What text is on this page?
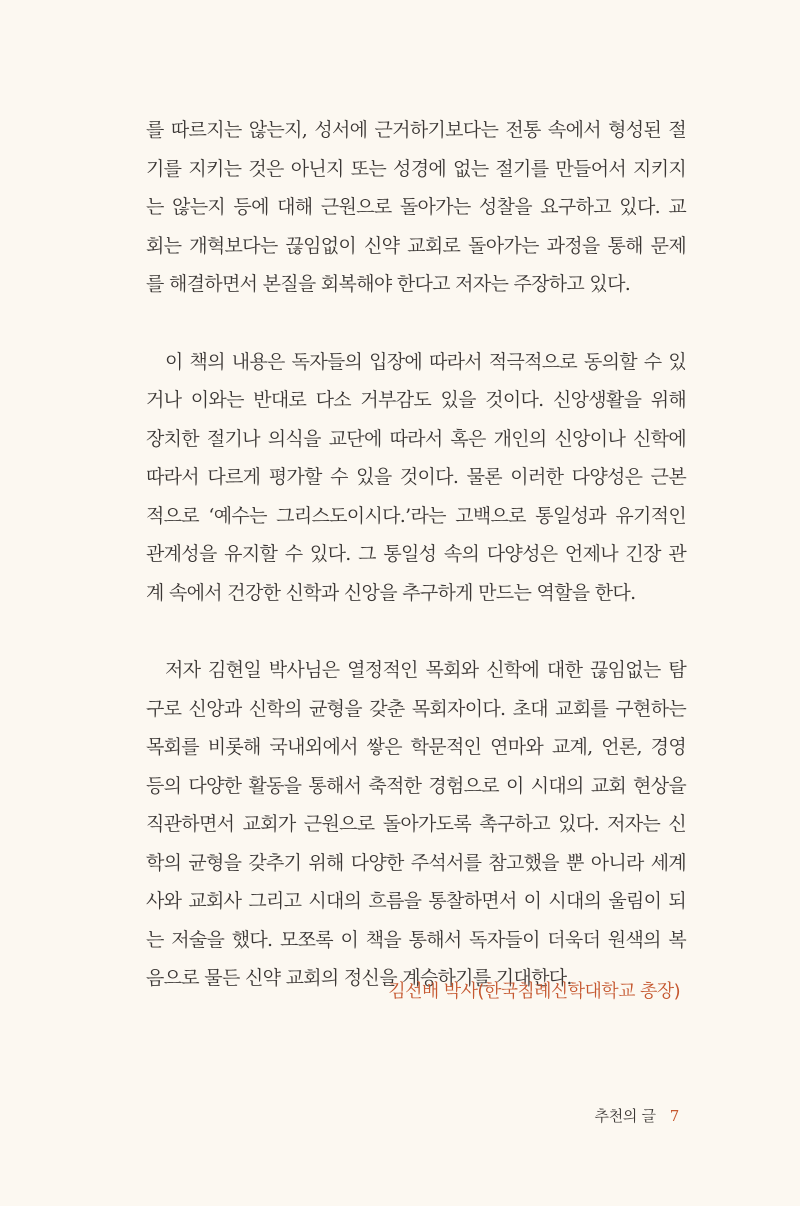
를 따르지는 않는지, 성서에 근거하기보다는 전통 속에서 형성된 절
기를 지키는 것은 아닌지 또는 성경에 없는 절기를 만들어서 지키지
는 않는지 등에 대해 근원으로 돌아가는 성찰을 요구하고 있다. 교
회는 개혁보다는 끊임없이 신약 교회로 돌아가는 과정을 통해 문제
를 해결하면서 본질을 회복해야 한다고 저자는 주장하고 있다.
이 책의 내용은 독자들의 입장에 따라서 적극적으로 동의할 수 있
거나 이와는 반대로 다소 거부감도 있을 것이다. 신앙생활을 위해
장치한 절기나 의식을 교단에 따라서 혹은 개인의 신앙이나 신학에
따라서 다르게 평가할 수 있을 것이다. 물론 이러한 다양성은 근본
적으로 ‘예수는 그리스도이시다.’라는 고백으로 통일성과 유기적인
관계성을 유지할 수 있다. 그 통일성 속의 다양성은 언제나 긴장 관
계 속에서 건강한 신학과 신앙을 추구하게 만드는 역할을 한다.
저자 김현일 박사님은 열정적인 목회와 신학에 대한 끊임없는 탐
구로 신앙과 신학의 균형을 갖춘 목회자이다. 초대 교회를 구현하는
목회를 비롯해 국내외에서 쌓은 학문적인 연마와 교계, 언론, 경영
등의 다양한 활동을 통해서 축적한 경험으로 이 시대의 교회 현상을
직관하면서 교회가 근원으로 돌아가도록 촉구하고 있다. 저자는 신
학의 균형을 갖추기 위해 다양한 주석서를 참고했을 뿐 아니라 세계
사와 교회사 그리고 시대의 흐름을 통찰하면서 이 시대의 울림이 되
는 저술을 했다. 모쪼록 이 책을 통해서 독자들이 더욱더 원색의 복
음으로 물든 신약 교회의 정신을 계승하기를 기대한다.
김선배 박사(한국침례신학대학교 총장)
추천의 글 7
